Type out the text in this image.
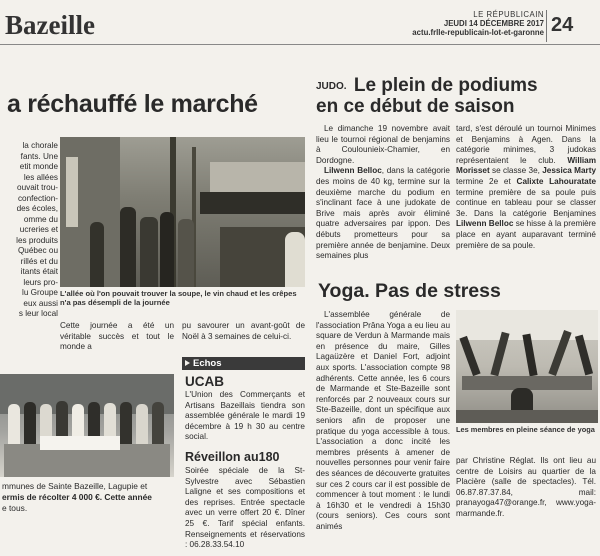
Bazeille	LE RÉPUBLICAIN
JEUDI 14 DÉCEMBRE 2017
actu.frlle-republicain-lot-et-garonne 24
a réchauffé le marché
la chorale
fants. Une
etit monde
les allées
ouvait trou-
confection-
des écoles,
omme du
ucreries et
les produits
Québec ou
rillés et du
itants était
leurs pro-
lu Groupe
eux aussi
s leur local
L'allée où l'on pouvait trouver la soupe, le vin chaud et les crêpes n'a pas désempli de la journée
Cette journée a été un véritable succès et tout le monde a
pu savourer un avant-goût de Noël à 3 semaines de celui-ci.
mmunes de Sainte Bazeille, Lagupie et
ermis de récolter 4 000 €. Cette année
e tous.
Echos
UCAB
L'Union des Commerçants et Artisans Bazeillais tiendra son assemblée générale le mardi 19 décembre à 19 h 30 au centre social.
Réveillon au180
Soirée spéciale de la St-Sylvestre avec Sébastien Laligne et ses compositions et des reprises. Entrée spectacle avec un verre offert 20 €. Dîner 25 €. Tarif spécial enfants. Renseignements et réservations : 06.28.33.54.10
JUDO. Le plein de podiums
en ce début de saison

Le dimanche 19 novembre avait lieu le tournoi régional de benjamins à Coulounieix-Chamier, en Dordogne.

Lilwenn Belloc, dans la catégorie des moins de 40 kg, termine sur la deuxième marche du podium en s'inclinant face à une judokate de Brive mais après avoir éliminé quatre adversaires par ippon. Des débuts prometteurs pour sa première année de benjamine. Deux semaines plus

tard, s'est déroulé un tournoi Minimes et Benjamins à Agen. Dans la catégorie minimes, 3 judokas représentaient le club. William Morisset se classe 3e, Jessica Marty termine 2e et Calixte Lahouratate termine première de sa poule puis continue en tableau pour se classer 3e. Dans la catégorie Benjamines Lilwenn Belloc se hisse à la première place en ayant auparavant terminé première de sa poule.

Yoga. Pas de stress
L'assemblée générale de l'association Prâna Yoga a eu lieu au square de Verdun à Marmande mais en présence du maire, Gilles Lagaüzère et Daniel Fort, adjoint aux sports. L'association compte 98 adhérents. Cette année, les 6 cours de Marmande et Ste-Bazeille sont renforcés par 2 nouveaux cours sur Ste-Bazeille, dont un spécifique aux seniors afin de proposer une pratique du yoga accessible à tous. L'association a donc incité les membres présents à amener de nouvelles personnes pour venir faire des séances de découverte gratuites sur ces 2 cours car il est possible de commencer à tout moment : le lundi à 16h30 et le vendredi à 15h30 (cours seniors). Ces cours sont animés
Les membres en pleine séance de yoga
par Christine Réglat. Ils ont lieu au centre de Loisirs au quartier de la Placière (salle de spectacles). Tél. 06.87.87.37.84, mail: pranayoga47@orange.fr, www.yoga-marmande.fr.
